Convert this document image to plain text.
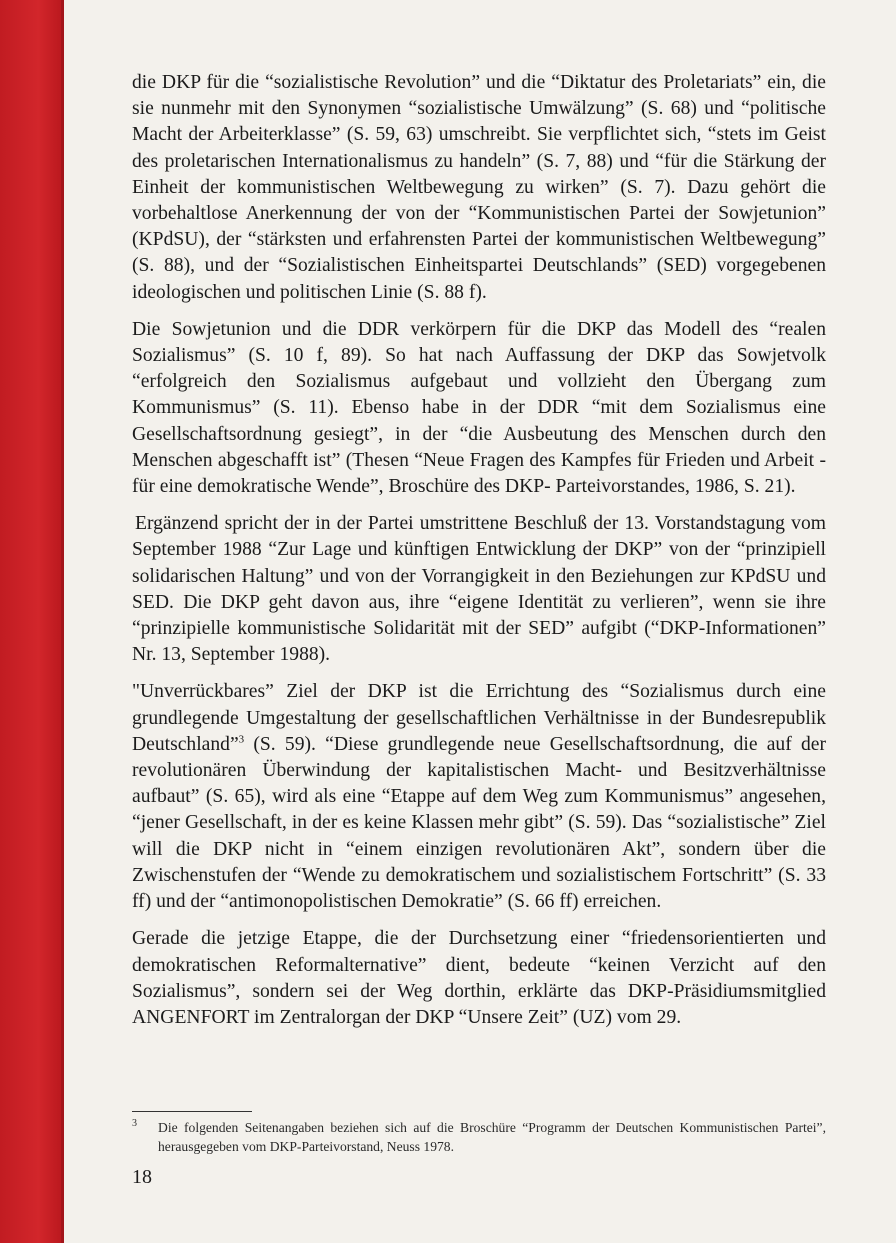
die DKP für die “sozialistische Revolution” und die “Diktatur des Proletariats” ein, die sie nunmehr mit den Synonymen “sozialistische Umwälzung” (S. 68) und “politische Macht der Arbeiterklasse” (S. 59, 63) umschreibt. Sie verpflichtet sich, “stets im Geist des proletarischen Internationalismus zu handeln” (S. 7, 88) und “für die Stärkung der Einheit der kommunistischen Weltbewegung zu wirken” (S. 7). Dazu gehört die vorbehaltlose Anerkennung der von der “Kommunistischen Partei der Sowjetunion” (KPdSU), der “stärksten und erfahrensten Partei der kommunistischen Weltbewegung” (S. 88), und der “Sozialistischen Einheitspartei Deutschlands” (SED) vorgegebenen ideologischen und politischen Linie (S. 88 f).

Die Sowjetunion und die DDR verkörpern für die DKP das Modell des “realen Sozialismus” (S. 10 f, 89). So hat nach Auffassung der DKP das Sowjetvolk “erfolgreich den Sozialismus aufgebaut und vollzieht den Übergang zum Kommunismus” (S. 11). Ebenso habe in der DDR “mit dem Sozialismus eine Gesellschaftsordnung gesiegt”, in der “die Ausbeutung des Menschen durch den Menschen abgeschafft ist” (Thesen “Neue Fragen des Kampfes für Frieden und Arbeit - für eine demokratische Wende”, Broschüre des DKP- Parteivorstandes, 1986, S. 21).

Ergänzend spricht der in der Partei umstrittene Beschluß der 13. Vorstandstagung vom September 1988 “Zur Lage und künftigen Entwicklung der DKP” von der “prinzipiell solidarischen Haltung” und von der Vorrangigkeit in den Beziehungen zur KPdSU und SED. Die DKP geht davon aus, ihre “eigene Identität zu verlieren”, wenn sie ihre “prinzipielle kommunistische Solidarität mit der SED” aufgibt (“DKP-Informationen” Nr. 13, September 1988).

"Unverrückbares” Ziel der DKP ist die Errichtung des “Sozialismus durch eine grundlegende Umgestaltung der gesellschaftlichen Verhältnisse in der Bundesrepublik Deutschland”$^3$ (S. 59). “Diese grundlegende neue Gesellschaftsordnung, die auf der revolutionären Überwindung der kapitalistischen Macht- und Besitzverhältnisse aufbaut” (S. 65), wird als eine “Etappe auf dem Weg zum Kommunismus” angesehen, “jener Gesellschaft, in der es keine Klassen mehr gibt” (S. 59). Das “sozialistische” Ziel will die DKP nicht in “einem einzigen revolutionären Akt”, sondern über die Zwischenstufen der “Wende zu demokratischem und sozialistischem Fortschritt” (S. 33 ff) und der “antimonopolistischen Demokratie” (S. 66 ff) erreichen.

Gerade die jetzige Etappe, die der Durchsetzung einer “friedensorientierten und demokratischen Reformalternative” dient, bedeute “keinen Verzicht auf den Sozialismus”, sondern sei der Weg dorthin, erklärte das DKP-Präsidiumsmitglied ANGENFORT im Zentralorgan der DKP “Unsere Zeit” (UZ) vom 29.

3 Die folgenden Seitenangaben beziehen sich auf die Broschüre “Programm der Deutschen Kommunistischen Partei”, herausgegeben vom DKP-Parteivorstand, Neuss 1978.
18
